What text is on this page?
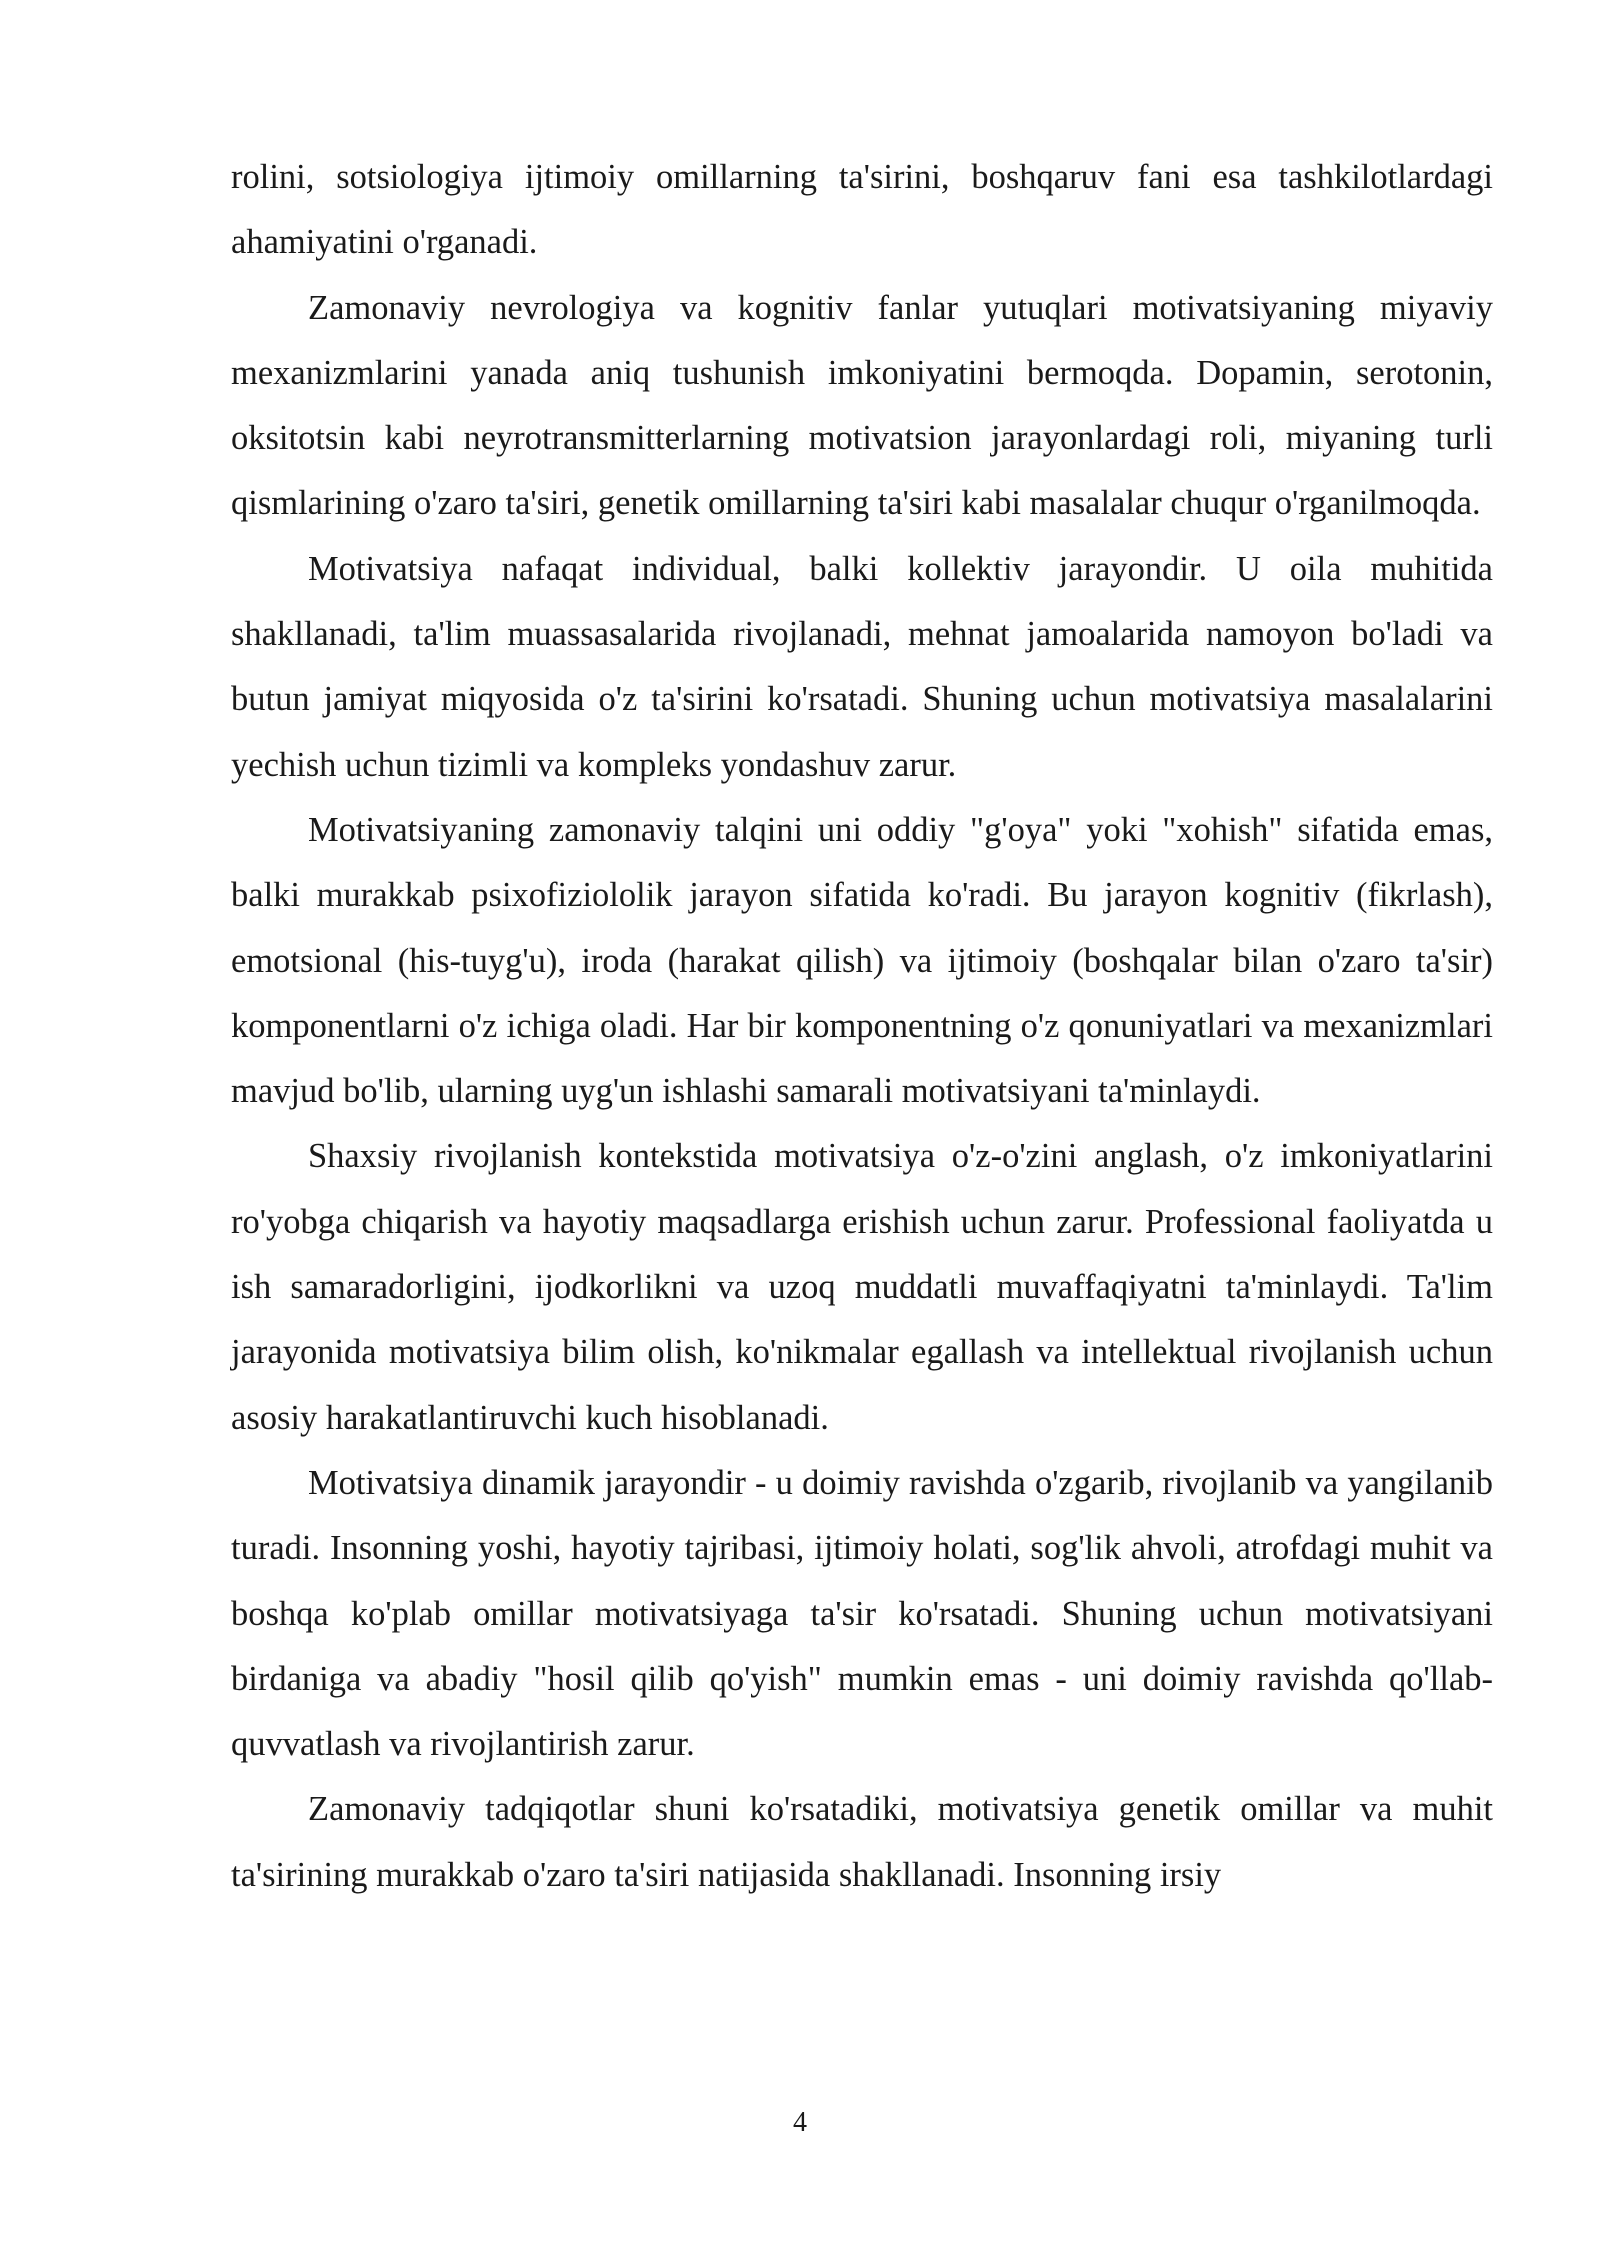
rolini, sotsiologiya ijtimoiy omillarning ta'sirini, boshqaruv fani esa tashkilotlardagi ahamiyatini o'rganadi.

Zamonaviy nevrologiya va kognitiv fanlar yutuqlari motivatsiyaning miyaviy mexanizmlarini yanada aniq tushunish imkoniyatini bermoqda. Dopamin, serotonin, oksitotsin kabi neyrotransmitterlarning motivatsion jarayonlardagi roli, miyaning turli qismlarining o'zaro ta'siri, genetik omillarning ta'siri kabi masalalar chuqur o'rganilmoqda.

Motivatsiya nafaqat individual, balki kollektiv jarayondir. U oila muhitida shakllanadi, ta'lim muassasalarida rivojlanadi, mehnat jamoalarida namoyon bo'ladi va butun jamiyat miqyosida o'z ta'sirini ko'rsatadi. Shuning uchun motivatsiya masalalarini yechish uchun tizimli va kompleks yondashuv zarur.

Motivatsiyaning zamonaviy talqini uni oddiy "g'oya" yoki "xohish" sifatida emas, balki murakkab psixofiziololik jarayon sifatida ko'radi. Bu jarayon kognitiv (fikrlash), emotsional (his-tuyg'u), iroda (harakat qilish) va ijtimoiy (boshqalar bilan o'zaro ta'sir) komponentlarni o'z ichiga oladi. Har bir komponentning o'z qonuniyatlari va mexanizmlari mavjud bo'lib, ularning uyg'un ishlashi samarali motivatsiyani ta'minlaydi.

Shaxsiy rivojlanish kontekstida motivatsiya o'z-o'zini anglash, o'z imkoniyatlarini ro'yobga chiqarish va hayotiy maqsadlarga erishish uchun zarur. Professional faoliyatda u ish samaradorligini, ijodkorlikni va uzoq muddatli muvaffaqiyatni ta'minlaydi. Ta'lim jarayonida motivatsiya bilim olish, ko'nikmalar egallash va intellektual rivojlanish uchun asosiy harakatlantiruvchi kuch hisoblanadi.

Motivatsiya dinamik jarayondir - u doimiy ravishda o'zgarib, rivojlanib va yangilanib turadi. Insonning yoshi, hayotiy tajribasi, ijtimoiy holati, sog'lik ahvoli, atrofdagi muhit va boshqa ko'plab omillar motivatsiyaga ta'sir ko'rsatadi. Shuning uchun motivatsiyani birdaniga va abadiy "hosil qilib qo'yish" mumkin emas - uni doimiy ravishda qo'llab-quvvatlash va rivojlantirish zarur.

Zamonaviy tadqiqotlar shuni ko'rsatadiki, motivatsiya genetik omillar va muhit ta'sirining murakkab o'zaro ta'siri natijasida shakllanadi. Insonning irsiy

4
